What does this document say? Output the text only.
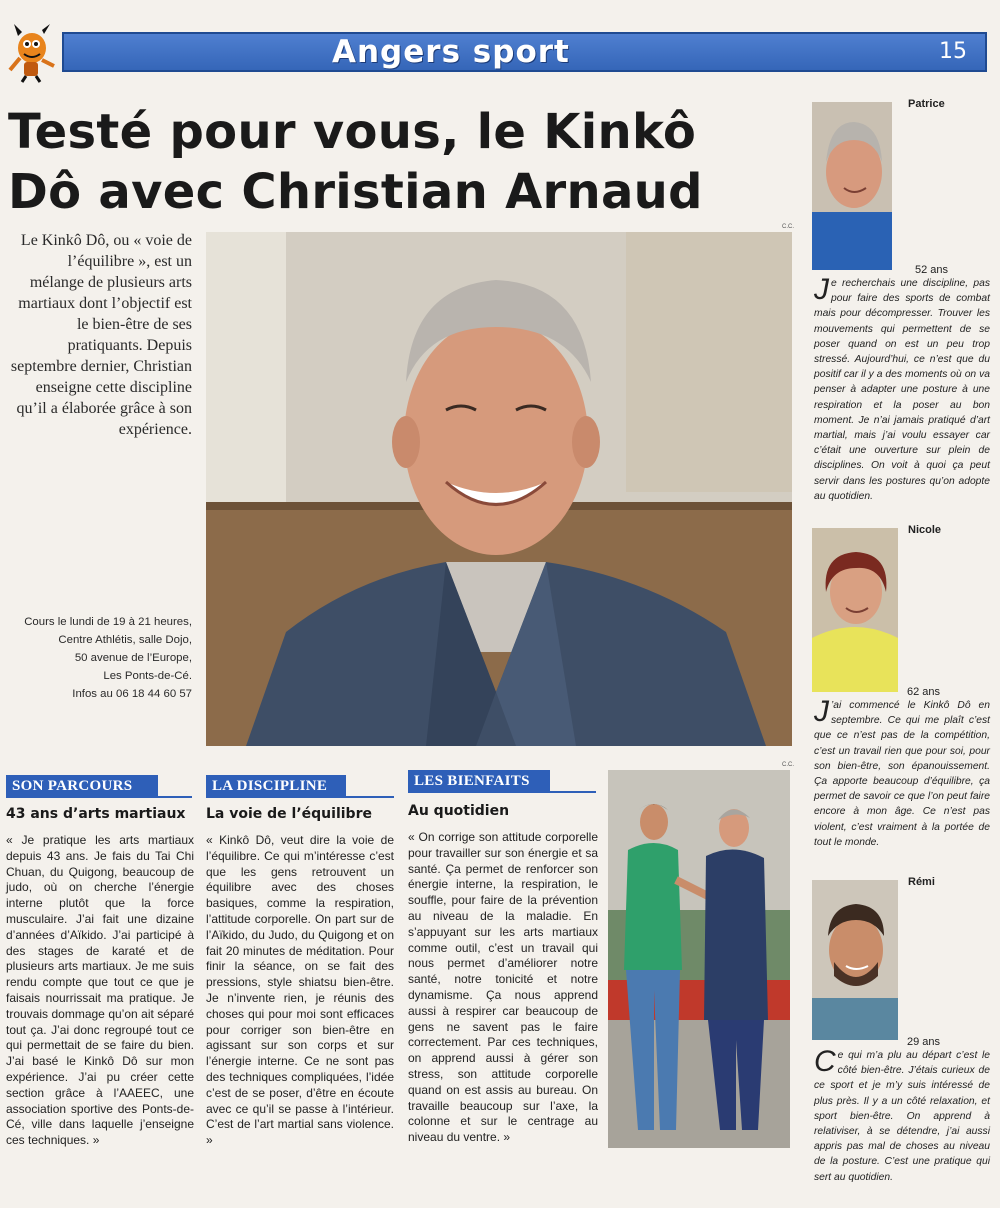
Angers sport	15
Testé pour vous, le Kinkô
Dô avec Christian Arnaud
Le Kinkô Dô, ou « voie de l’équilibre », est un mélange de plusieurs arts martiaux dont l’objectif est le bien-être de ses pratiquants. Depuis septembre dernier, Christian enseigne cette discipline qu’il a élaborée grâce à son expérience.
Cours le lundi de 19 à 21 heures,
Centre Athlétis, salle Dojo,
50 avenue de l’Europe,
Les Ponts-de-Cé.
Infos au 06 18 44 60 57
C.C.
Patrice
52 ans
Je recherchais une discipline, pas pour faire des sports de combat mais pour décompresser. Trouver les mouvements qui permettent de se poser quand on est un peu trop stressé. Aujourd’hui, ce n’est que du positif car il y a des moments où on va penser à adapter une posture à une respiration et la poser au bon moment. Je n’ai jamais pratiqué d’art martial, mais j’ai voulu essayer car c’était une ouverture sur plein de disciplines. On voit à quoi ça peut servir dans les postures qu’on adopte au quotidien.
Nicole
62 ans
J ’ai commencé le Kinkô Dô en septembre. Ce qui me plaît c’est que ce n’est pas de la compétition, c’est un travail rien que pour soi, pour son bien-être, son épanouissement. Ça apporte beaucoup d’équilibre, ça permet de savoir ce que l’on peut faire encore à mon âge. Ce n’est pas violent, c’est vraiment à la portée de tout le monde.
Rémi
29 ans
Ce qui m’a plu au départ c’est le côté bien-être. J’étais curieux de ce sport et je m’y suis intéressé de plus près. Il y a un côté relaxation, et sport bien-être. On apprend à relativiser, à se détendre, j’ai aussi appris pas mal de choses au niveau de la posture. C’est une pratique qui sert au quotidien.
SON PARCOURS
43 ans d’arts martiaux
« Je pratique les arts martiaux depuis 43 ans. Je fais du Tai Chi Chuan, du Quigong, beaucoup de judo, où on cherche l’énergie interne plutôt que la force musculaire. J’ai fait une dizaine d’années d’Aïkido. J’ai participé à des stages de karaté et de plusieurs arts martiaux. Je me suis rendu compte que tout ce que je faisais nourrissait ma pratique. Je trouvais dommage qu’on ait séparé tout ça. J’ai donc regroupé tout ce qui permettait de se faire du bien. J’ai basé le Kinkô Dô sur mon expérience. J’ai pu créer cette section grâce à l’AAEEC, une association sportive des Ponts-de-Cé, ville dans laquelle j’enseigne ces techniques. »
LA DISCIPLINE
La voie de l’équilibre
« Kinkô Dô, veut dire la voie de l’équilibre. Ce qui m’intéresse c’est que les gens retrouvent un équilibre avec des choses basiques, comme la respiration, l’attitude corporelle. On part sur de l’Aïkido, du Judo, du Quigong et on fait 20 minutes de méditation. Pour finir la séance, on se fait des pressions, style shiatsu bien-être. Je n’invente rien, je réunis des choses qui pour moi sont efficaces pour corriger son bien-être en agissant sur son corps et sur l’énergie interne. Ce ne sont pas des techniques compliquées, l’idée c’est de se poser, d’être en écoute avec ce qu’il se passe à l’intérieur. C’est de l’art martial sans violence. »
LES BIENFAITS
Au quotidien
« On corrige son attitude corporelle pour travailler sur son énergie et sa santé. Ça permet de renforcer son énergie interne, la respiration, le souffle, pour faire de la prévention au niveau de la maladie. En s’appuyant sur les arts martiaux comme outil, c’est un travail qui nous permet d’améliorer notre santé, notre tonicité et notre dynamisme. Ça nous apprend aussi à respirer car beaucoup de gens ne savent pas le faire correctement. Par ces techniques, on apprend aussi à gérer son stress, son attitude corporelle quand on est assis au bureau. On travaille beaucoup sur l’axe, la colonne et sur le centrage au niveau du ventre. »
C.C.
